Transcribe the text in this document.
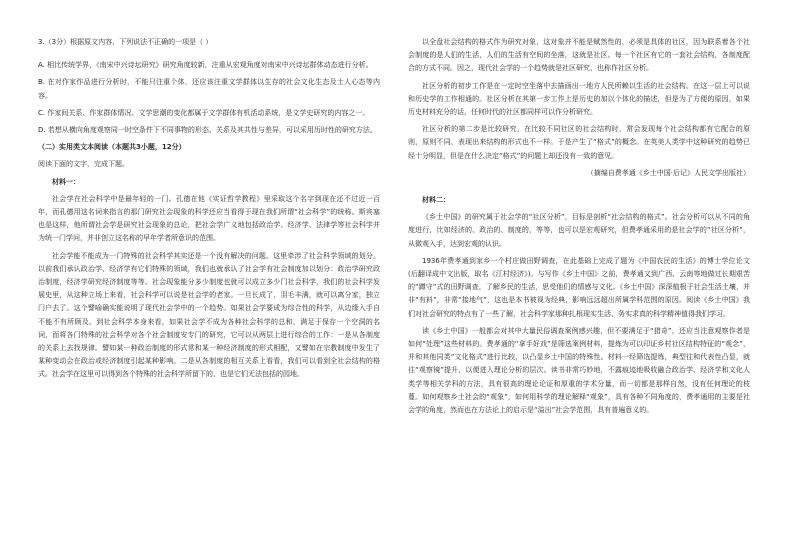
3.（3分）根据原文内容，下列说法不正确的一项是（ ）

A. 相比传统学界，《南宋中兴诗坛研究》研究角度较新，注重从宏观角度对南宋中兴诗坛群体动态进行分析。

B. 在对作家作品进行分析时，不能只注重个体，还应该注重文学群体以生存的社会文化生态及士人心态等内容。

C. 作家间关系、作家群体情况、文学思潮的变化都属于文学群体有机活动系统，是文学史研究的内容之一。

D. 若想从横向角度观察同一时空条件下不同事物的形态、关系及其共性与差异，可以采用历时性的研究方法。

（二）实用类文本阅读（本题共3小题，12分）

阅读下面的文字，完成下题。

材料一：

社会学在社会科学中是最年轻的一门。孔德在他《实证哲学教程》里采取这个名字到现在还不过近一百年，而孔德用这名词来指言的那门研究社会现象的科学还应当看得于现在我们所谓“社会科学”的统称。斯宾塞也是这样，他所谓社会学是研究社会现象的总论，把社会学广义地包括政治学、经济学、法律学等社会科学并为统一门学问，并非创立这名称的早年学者所意识的范围。

社会学能不能成为一门特殊的社会科学其实还是一个没有解决的问题。这里牵涉了社会科学领域的划分。以前我们承认政治学、经济学有它们特殊的领域，我们也就承认了社会学有社会制度加以划分：政治学研究政治制度，经济学研究经济制度等等。社会现象能分多少制度也就可以成立多少门社会科学，我们的社会科学发展史里，从这种立场上来看，社会科学可以说是社会学的老家。一旦长成了，羽毛丰满，就可以离分家，独立门户去了。这个譬喻确实能说明了现代社会学中的一个趋势。如果社会学要成为综合性的科学，从边缘入手自不能不有所顾及。到社会科学本身来看，如果社会学不成为各种社会科学的总和，满足于保存一个空洞的名词，而将各门特殊的社会科学对各个社会制度安专门的研究，它可以从两层上进行综合的工作：一是从各制度的关系上去找规律。譬如某一种政治制度的形式常和某一种经济制度的形式相配，又譬如在宗教制度中发生了某种变动会在政治或经济制度引起某种影响。二是从各制度的相互关系上看看，我们可以看到全社会结构的格式。社会学在这里可以得到各个特殊的社会科学所留下的，也是它们无法包括的园地。

以全盘社会结构的格式作为研究对象，这对象并不能是赋然性的，必须是具体的社区，因为联系着各个社会制度的是人们的生活，人们的生活有空间的坐落，这就是社区。每一个社区有它的一套社会结构，各制度配合的方式不同。因之，现代社会学的一个趋势就是社区研究，也称作社区分析。

社区分析的初步工作是在一定时空坐落中去描画出一地方人民所赖以生活的社会结构。在这一层上可以说和历史学的工作相通的。社区分析在其第一步工作上是历史的加以个体化的描述，但是为了方便的原因，如果历史材料充分的话，任何时代的社区都同样可以作分析研究。

社区分析的第二步是比较研究，在比较不同社区的社会结构时，常会发现每个社会结构都有它配合的原则，原则不同，表现出来结构的形式也不一样。于是产生了“格式”的概念。在英美人类学中这种研究的趋势已经十分明显，但是在什么决定“格式”的问题上却还没有一致的意见。

（摘编自费孝通《乡土中国·后记》人民文学出版社）

材料二：

《乡土中国》的研究属于社会学的“社区分析”，目标是剖析“社会结构的格式”。社会分析可以从不同的角度进行，比如经济的、政治的、制度的，等等，也可以是宏观研究，但费孝通采用的是社会学的“社区分析”，从微观入手，达到宏观的认识。

1936年费孝通到家乡一个村庄做田野调查，在此基础上完成了题为《中国农民的生活》的博士学位论文(后翻译成中文出版，取名《江村经济》)。与写作《乡土中国》之前，费孝通又到广西、云南等地做过长期艰苦的“蹲守”式的田野调查，了解乡民的生活，思受他们的情感与文化。《乡土中国》深深植根于社会生活土壤，并非“有料”，非常“接地气”，这也是本书被视为经典，影响远远超出所属学科范围的原因。阅读《乡土中国》我们对社会研究的特点有了一些了解，社会科学家那种扎根现实生活、务实求真的科学精神值得我们学习。

读《乡土中国》一般都会对其中大量民俗调查案例感兴趣，但不要满足于“猎奇”，还应当注意观察作者是如何“处理”这些材料的。费孝通的“拿手好戏”是筛选案例材料，提炼为可以印证乡村社区结构特征的“观念”，并和其他同类“文化格式”进行比较，以凸显乡土中国的特殊性。材料一经筛选提炼，典型往和代表性凸显，就往“观察镜”提升，以便进入理论分析的层次。读书非常巧妙地，不露痕迹地吸收融合政治学、经济学和文化人类学等相关学科的方法，具有很高的理论论证和厚重的学术分量，而一切都是那样自然，没有任何理论的枝蔓。如何观察乡土社会的“观象”，如何用科学的理论解释“观象”，具有各种不同角度的，费孝通用的主要是社会学的角度，然而也在方法论上的启示是“溢出”社会学范围，具有普遍意义的。
